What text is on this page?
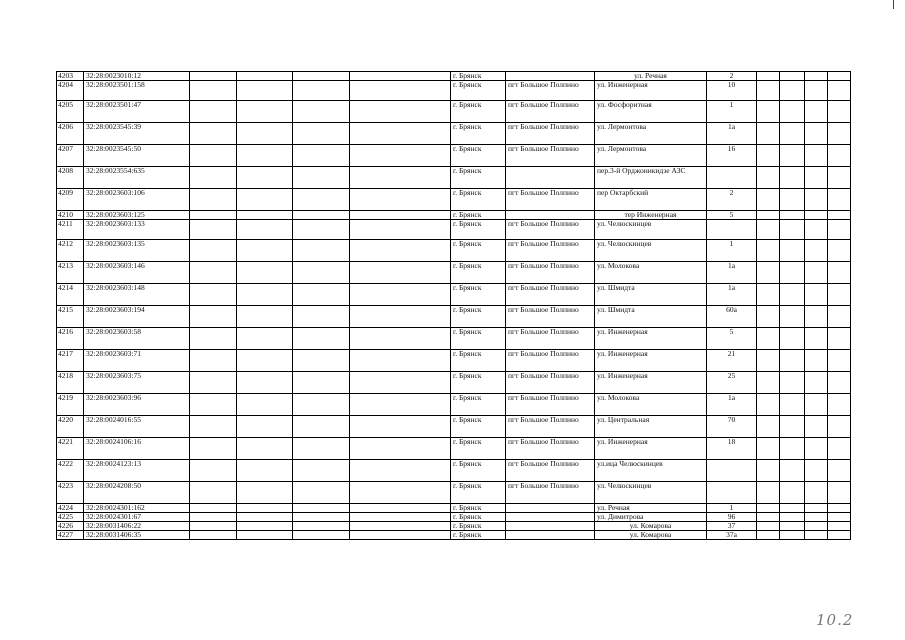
4203	32:28:0023010:12					г. Брянск		ул. Речная	2				
4204	32:28:0023501:158					г. Брянск	пгт Большое Полпино	ул. Инженерная	10				
4205	32:28:0023501:47					г. Брянск	пгт Большое Полпино	ул. Фосфоритная	1				
4206	32:28:0023545:39					г. Брянск	пгт Большое Полпино	ул. Лермонтова	1а				
4207	32:28:0023545:50					г. Брянск	пгт Большое Полпино	ул. Лермонтова	16				
4208	32:28:0023554:635					г. Брянск		пер.3-й Орджоникидзе АЗС					
4209	32:28:0023603:106					г. Брянск	пгт Большое Полпино	пер Октарбский	2				
4210	32:28:0023603:125					г. Брянск		тер Инженерная	5				
4211	32:28:0023603:133					г. Брянск	пгт Большое Полпино	ул. Челюскинцев					
4212	32:28:0023603:135					г. Брянск	пгт Большое Полпино	ул. Челюскинцев	1				
4213	32:28:0023603:146					г. Брянск	пгт Большое Полпино	ул. Молокова	1а				
4214	32:28:0023603:148					г. Брянск	пгт Большое Полпино	ул. Шмидта	1а				
4215	32:28:0023603:194					г. Брянск	пгт Большое Полпино	ул. Шмидта	60а				
4216	32:28:0023603:58					г. Брянск	пгт Большое Полпино	ул. Инженерная	5				
4217	32:28:0023603:71					г. Брянск	пгт Большое Полпино	ул. Инженерная	21				
4218	32:28:0023603:75					г. Брянск	пгт Большое Полпино	ул. Инженерная	25				
4219	32:28:0023603:96					г. Брянск	пгт Большое Полпино	ул. Молокова	1а				
4220	32:28:0024016:55					г. Брянск	пгт Большое Полпино	ул. Центральная	70				
4221	32:28:0024106:16					г. Брянск	пгт Большое Полпино	ул. Инженерная	18				
4222	32:28:0024123:13					г. Брянск	пгт Большое Полпино	ул.ица Челюскинцев					
4223	32:28:0024208:50					г. Брянск	пгт Большое Полпино	ул. Челюскинцев					
4224	32:28:0024301:162					г. Брянск		ул. Речная	1				
4225	32:28:0024301:67					г. Брянск		ул. Димитрова	96				
4226	32:28:0031406:22					г. Брянск		ул. Комарова	37				
4227	32:28:0031406:35					г. Брянск		ул. Комарова	37а				
10.2
